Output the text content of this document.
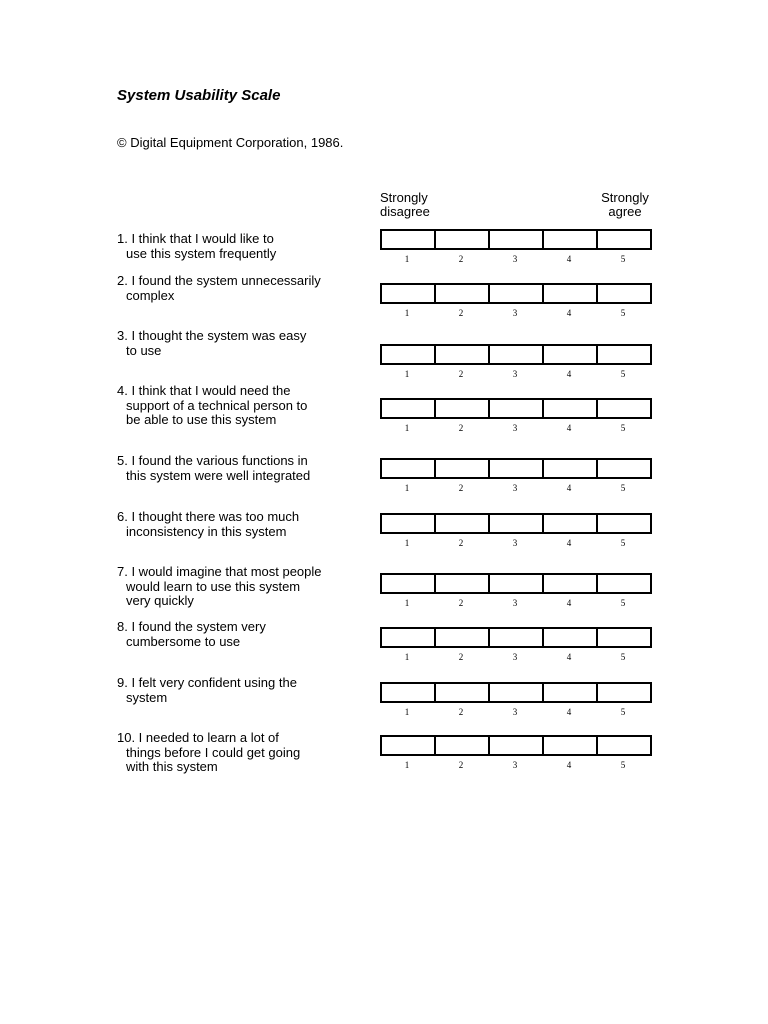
System Usability Scale
© Digital Equipment Corporation, 1986.
Strongly
disagree
Strongly
agree
1. I think that I would like to
use this system frequently	1	2	3	4	5
2. I found the system unnecessarily
complex
1	2	3	4	5
3. I thought the system was easy
to use
1	2	3	4	5
4. I think that I would need the
support of a technical person to
be able to use this system
1	2	3	4	5
5. I found the various functions in
this system were well integrated
1	2	3	4	5
6. I thought there was too much
inconsistency in this system
1	2	3	4	5
7. I would imagine that most people
would learn to use this system
very quickly	1	2	3	4	5
8. I found the system very
cumbersome to use
1	2	3	4	5
9. I felt very confident using the
system
1	2	3	4	5
10. I needed to learn a lot of
things before I could get going
with this system	1	2	3	4	5
